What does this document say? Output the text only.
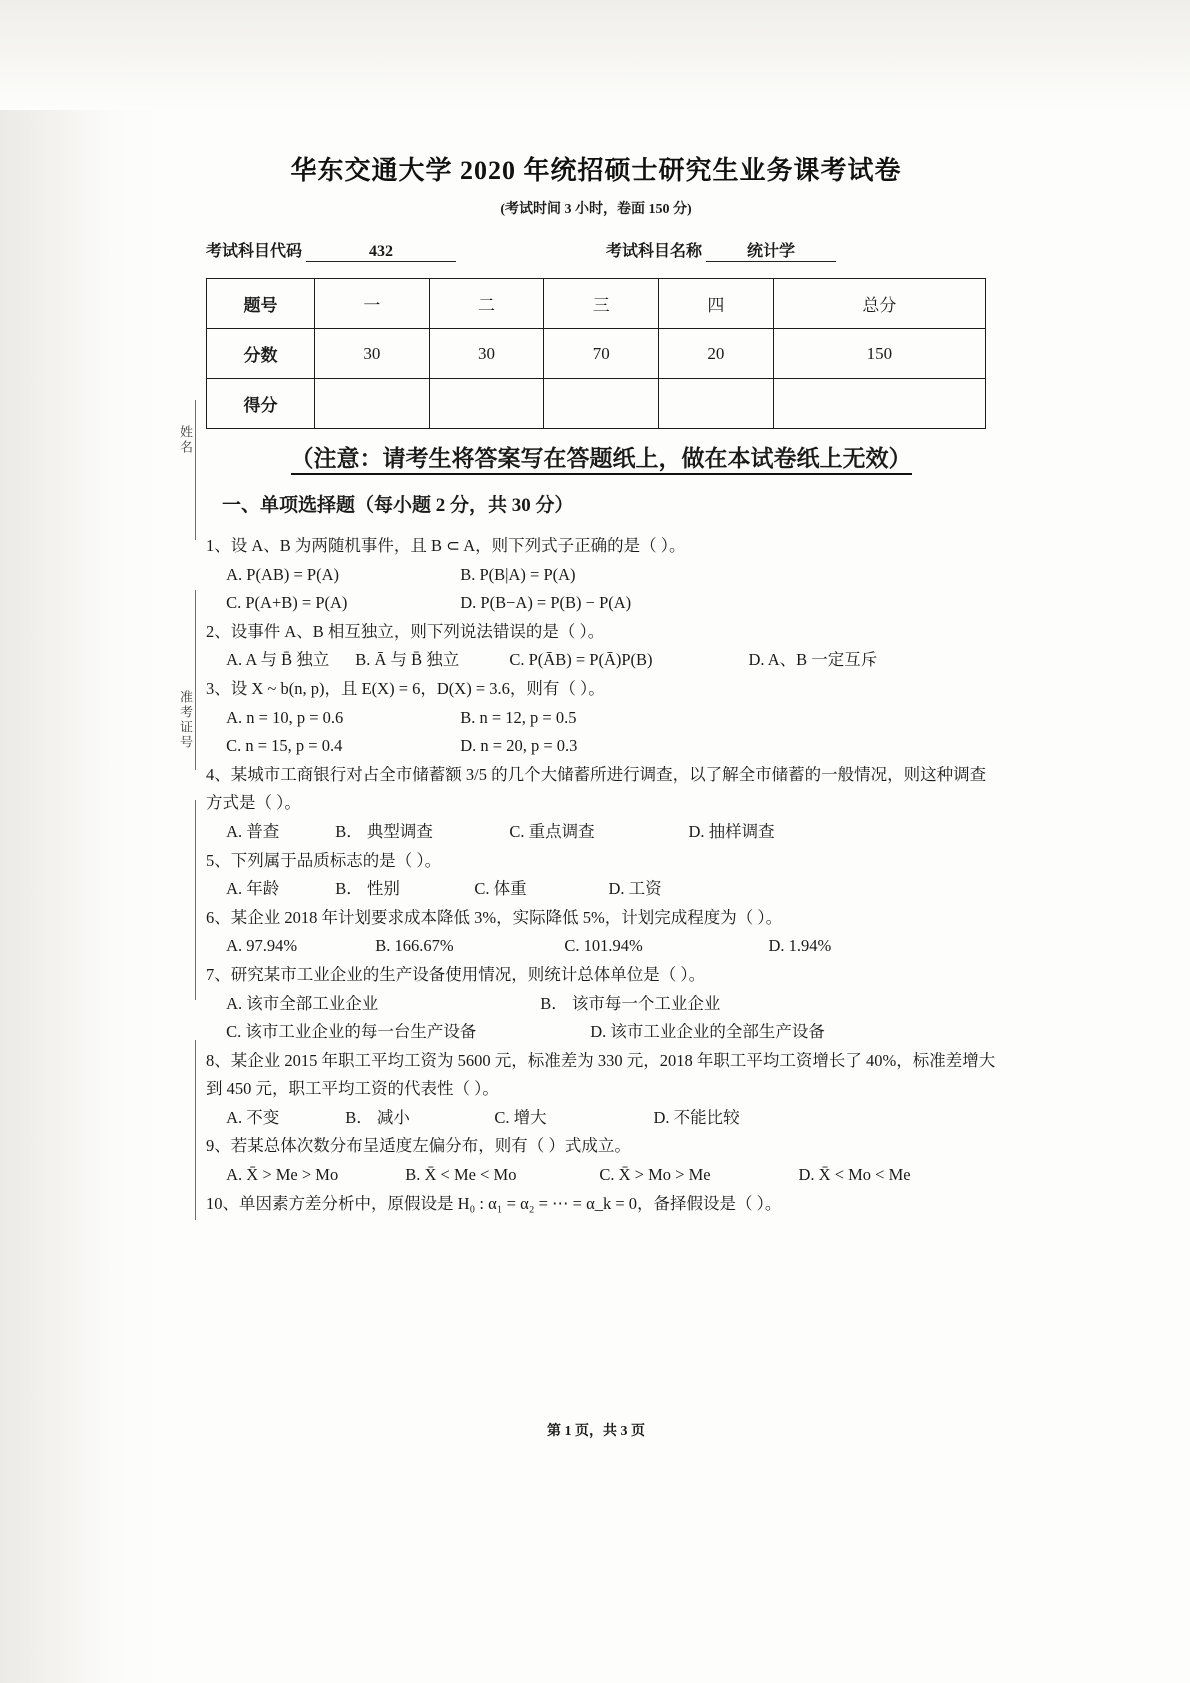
姓名
准考证号
华东交通大学 2020 年统招硕士研究生业务课考试卷
(考试时间 3 小时，卷面 150 分)
考试科目代码	432	考试科目名称	统计学
题号	一	二	三	四	总分
分数	30	30	70	20	150
得分					
（注意：请考生将答案写在答题纸上，做在本试卷纸上无效）
一、单项选择题（每小题 2 分，共 30 分）
1、设 A、B 为两随机事件，且 B ⊂ A，则下列式子正确的是（ ）。
A. P(AB) = P(A)	B. P(B|A) = P(A)
C. P(A+B) = P(A)	D. P(B−A) = P(B) − P(A)
2、设事件 A、B 相互独立，则下列说法错误的是（ ）。
A. A 与 B̄ 独立 B. Ā 与 B̄ 独立	C. P(ĀB) = P(Ā)P(B)	D. A、B 一定互斥
3、设 X ~ b(n, p)，且 E(X) = 6，D(X) = 3.6，则有（ ）。
A. n = 10, p = 0.6	B. n = 12, p = 0.5
C. n = 15, p = 0.4	D. n = 20, p = 0.3
4、某城市工商银行对占全市储蓄额 3/5 的几个大储蓄所进行调查，以了解全市储蓄的一般情况，则这种调查方式是（ ）。
A. 普查	B． 典型调查	C. 重点调查	D. 抽样调查
5、下列属于品质标志的是（ ）。
A. 年龄	B． 性别	C. 体重	D. 工资
6、某企业 2018 年计划要求成本降低 3%，实际降低 5%，计划完成程度为（ ）。
A. 97.94%	B. 166.67%	C. 101.94%	D. 1.94%
7、研究某市工业企业的生产设备使用情况，则统计总体单位是（ ）。
A. 该市全部工业企业	B． 该市每一个工业企业
C. 该市工业企业的每一台生产设备	D. 该市工业企业的全部生产设备
8、某企业 2015 年职工平均工资为 5600 元，标准差为 330 元，2018 年职工平均工资增长了 40%，标准差增大到 450 元，职工平均工资的代表性（ ）。
A. 不变	B． 减小	C. 增大	D. 不能比较
9、若某总体次数分布呈适度左偏分布，则有（ ）式成立。
A. X̄ > Me > Mo	B. X̄ < Me < Mo	C. X̄ > Mo > Me	D. X̄ < Mo < Me
10、单因素方差分析中，原假设是 H₀ : α₁ = α₂ = ⋯ = α_k = 0，备择假设是（ ）。
第 1 页，共 3 页
